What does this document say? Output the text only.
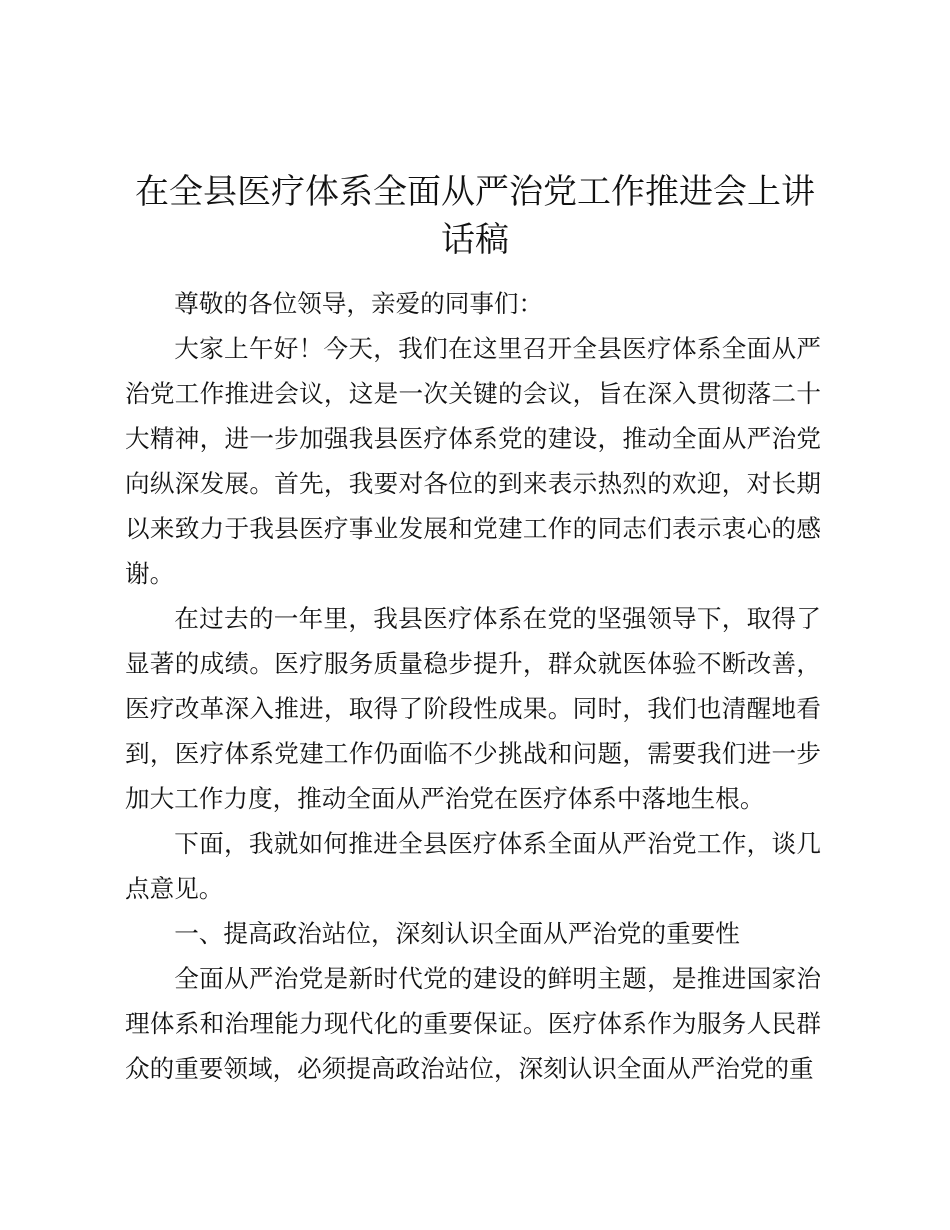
在全县医疗体系全面从严治党工作推进会上讲话稿

尊敬的各位领导，亲爱的同事们：

大家上午好！今天，我们在这里召开全县医疗体系全面从严治党工作推进会议，这是一次关键的会议，旨在深入贯彻落二十大精神，进一步加强我县医疗体系党的建设，推动全面从严治党向纵深发展。首先，我要对各位的到来表示热烈的欢迎，对长期以来致力于我县医疗事业发展和党建工作的同志们表示衷心的感谢。

在过去的一年里，我县医疗体系在党的坚强领导下，取得了显著的成绩。医疗服务质量稳步提升，群众就医体验不断改善，医疗改革深入推进，取得了阶段性成果。同时，我们也清醒地看到，医疗体系党建工作仍面临不少挑战和问题，需要我们进一步加大工作力度，推动全面从严治党在医疗体系中落地生根。

下面，我就如何推进全县医疗体系全面从严治党工作，谈几点意见。

一、提高政治站位，深刻认识全面从严治党的重要性

全面从严治党是新时代党的建设的鲜明主题，是推进国家治理体系和治理能力现代化的重要保证。医疗体系作为服务人民群众的重要领域，必须提高政治站位，深刻认识全面从严治党的重
